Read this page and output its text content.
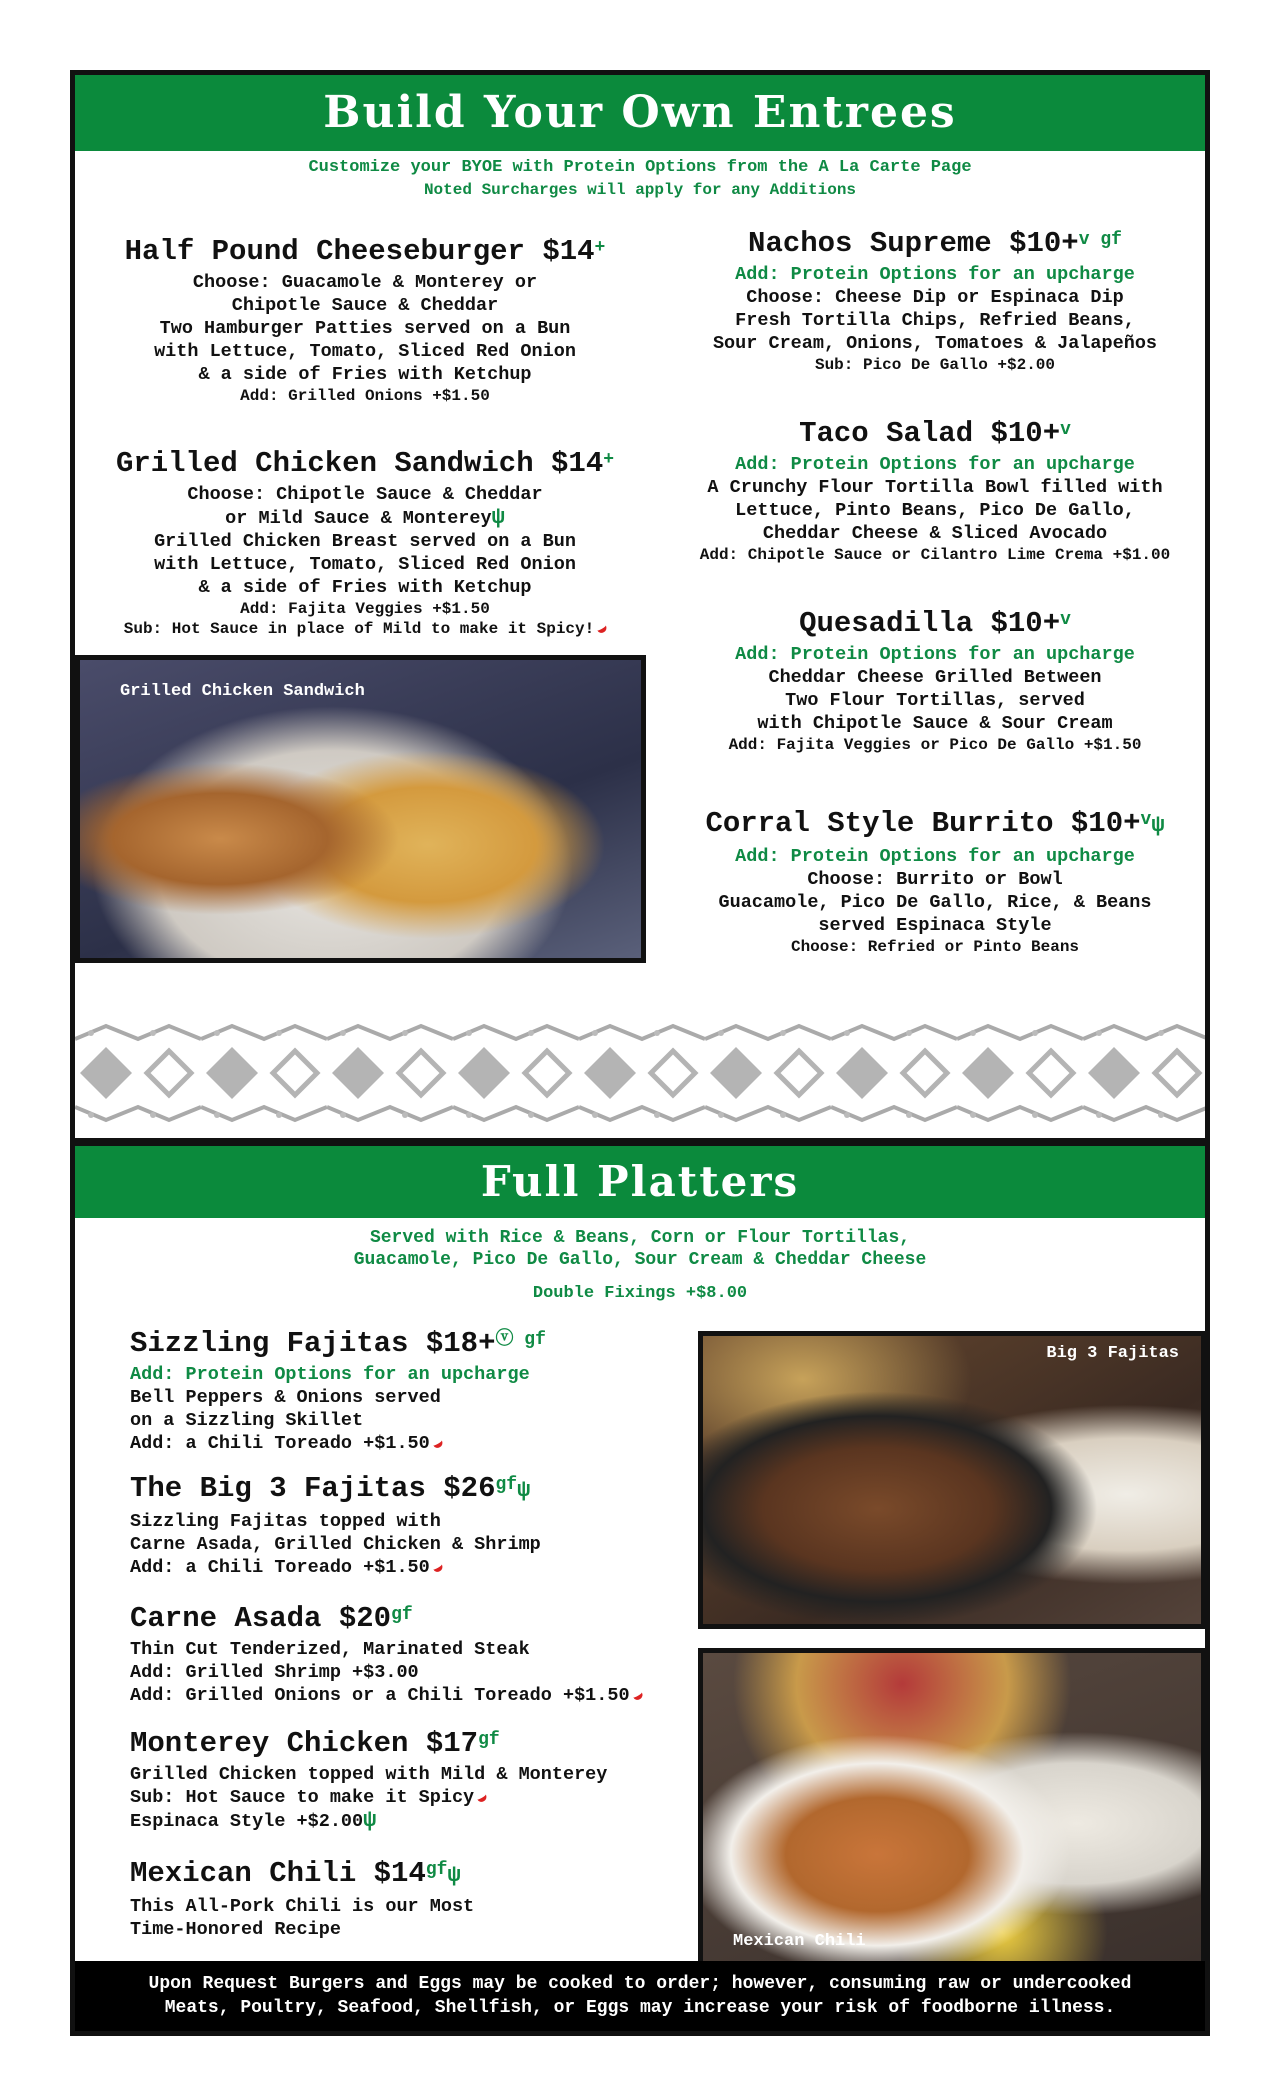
Build Your Own Entrees
Customize your BYOE with Protein Options from the A La Carte Page
Noted Surcharges will apply for any Additions
Half Pound Cheeseburger $14+

Choose: Guacamole & Monterey or

Chipotle Sauce & Cheddar

Two Hamburger Patties served on a Bun

with Lettuce, Tomato, Sliced Red Onion

& a side of Fries with Ketchup

Add: Grilled Onions +$1.50

Grilled Chicken Sandwich $14+

Choose: Chipotle Sauce & Cheddar

or Mild Sauce & Montereyψ

Grilled Chicken Breast served on a Bun

with Lettuce, Tomato, Sliced Red Onion

& a side of Fries with Ketchup

Add: Fajita Veggies +$1.50

Sub: Hot Sauce in place of Mild to make it Spicy!

Grilled Chicken Sandwich
Nachos Supreme $10+$^{v gf}$

Add: Protein Options for an upcharge

Choose: Cheese Dip or Espinaca Dip

Fresh Tortilla Chips, Refried Beans,

Sour Cream, Onions, Tomatoes & Jalapeños

Sub: Pico De Gallo +$2.00

Taco Salad $10+$^v$

Add: Protein Options for an upcharge

A Crunchy Flour Tortilla Bowl filled with

Lettuce, Pinto Beans, Pico De Gallo,

Cheddar Cheese & Sliced Avocado

Add: Chipotle Sauce or Cilantro Lime Crema +$1.00

Quesadilla $10+$^v$

Add: Protein Options for an upcharge

Cheddar Cheese Grilled Between

Two Flour Tortillas, served

with Chipotle Sauce & Sour Cream

Add: Fajita Veggies or Pico De Gallo +$1.50

Corral Style Burrito $10+$^v$ψ

Add: Protein Options for an upcharge

Choose: Burrito or Bowl

Guacamole, Pico De Gallo, Rice, & Beans

served Espinaca Style

Choose: Refried or Pinto Beans

Full Platters
Served with Rice & Beans, Corn or Flour Tortillas,
Guacamole, Pico De Gallo, Sour Cream & Cheddar Cheese
Double Fixings +$8.00
Sizzling Fajitas $18+$^{ⓥ gf}$

Add: Protein Options for an upcharge

Bell Peppers & Onions served

on a Sizzling Skillet

Add: a Chili Toreado +$1.50

The Big 3 Fajitas $\$26^{gf}\psi$

Sizzling Fajitas topped with

Carne Asada, Grilled Chicken & Shrimp

Add: a Chili Toreado +$1.50

Carne Asada $\$20^{gf}$

Thin Cut Tenderized, Marinated Steak

Add: Grilled Shrimp +$3.00

Add: Grilled Onions or a Chili Toreado +$1.50

Monterey Chicken $\$17^{gf}$

Grilled Chicken topped with Mild & Monterey

Sub: Hot Sauce to make it Spicy

Espinaca Style +$2.00ψ

Mexican Chili $\$14^{gf}\psi$

This All-Pork Chili is our Most

Time-Honored Recipe

Big 3 Fajitas
Mexican Chili
Upon Request Burgers and Eggs may be cooked to order; however, consuming raw or undercooked
Meats, Poultry, Seafood, Shellfish, or Eggs may increase your risk of foodborne illness.
